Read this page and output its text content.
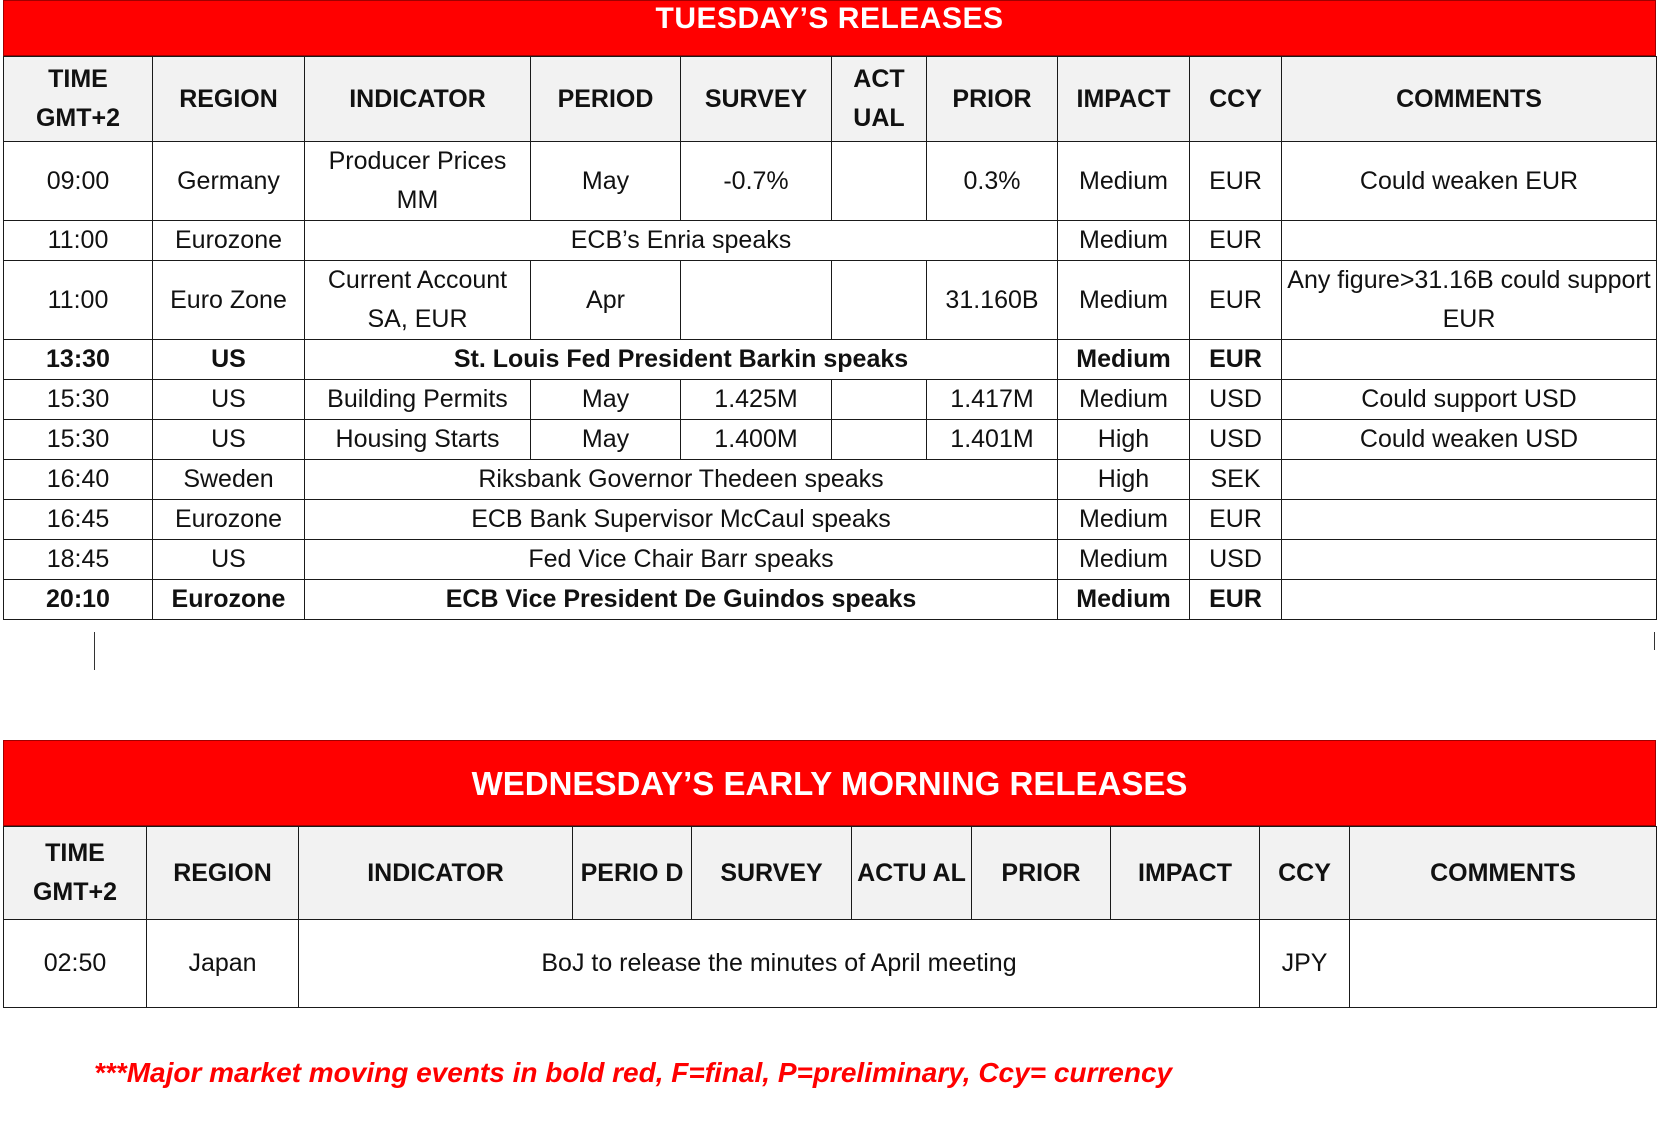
TUESDAY’S RELEASES
TIME GMT+2	REGION	INDICATOR	PERIOD	SURVEY	ACT UAL	PRIOR	IMPACT	CCY	COMMENTS
09:00	Germany	Producer Prices MM	May	-0.7%		0.3%	Medium	EUR	Could weaken EUR
11:00	Eurozone	ECB’s Enria speaks					Medium	EUR	
11:00	Euro Zone	Current Account SA, EUR	Apr			31.160B	Medium	EUR	Any figure>31.16B could support EUR
13:30	US	St. Louis Fed President Barkin speaks					Medium	EUR	
15:30	US	Building Permits	May	1.425M		1.417M	Medium	USD	Could support USD
15:30	US	Housing Starts	May	1.400M		1.401M	High	USD	Could weaken USD
16:40	Sweden	Riksbank Governor Thedeen speaks					High	SEK	
16:45	Eurozone	ECB Bank Supervisor McCaul speaks					Medium	EUR	
18:45	US	Fed Vice Chair Barr speaks					Medium	USD	
20:10	Eurozone	ECB Vice President De Guindos speaks					Medium	EUR	
WEDNESDAY’S EARLY MORNING RELEASES
TIME GMT+2	REGION	INDICATOR	PERIO D	SURVEY	ACTU AL	PRIOR	IMPACT	CCY	COMMENTS
02:50	Japan	BoJ to release the minutes of April meeting						JPY	
***Major market moving events in bold red, F=final, P=preliminary, Ccy= currency
